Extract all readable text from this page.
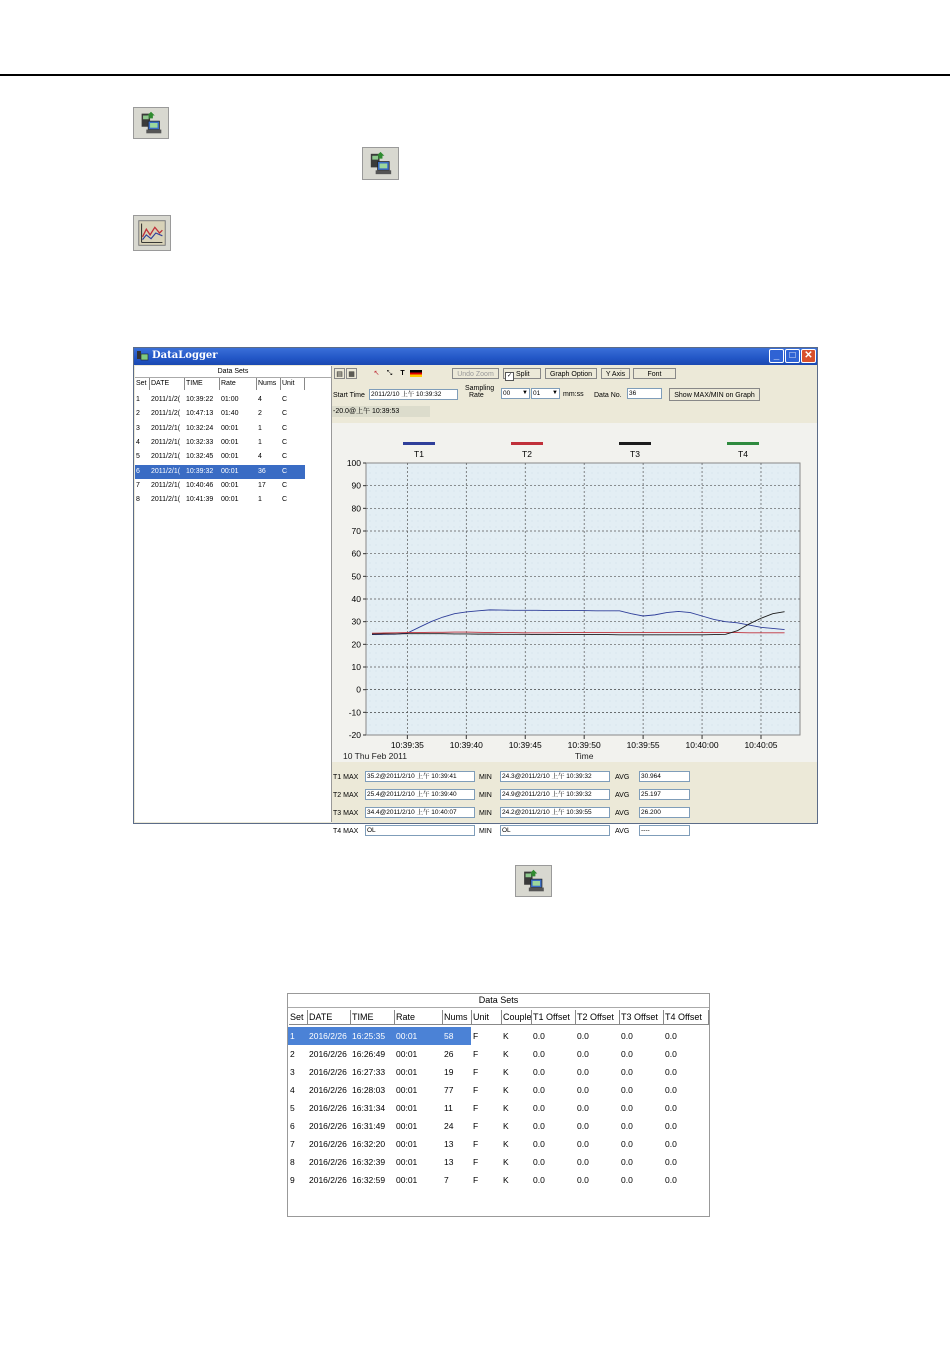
DataLogger	_	□ ✕
Data Sets
Set DATE	TIME	Rate	Nums Unit
1 2011/1/2( 10:39:22 01:00	4	C
2 2011/1/2( 10:47:13 01:40	2	C
3 2011/2/1( 10:32:24 00:01	1	C
4 2011/2/1( 10:32:33 00:01	1	C
5 2011/2/1( 10:32:45 00:01	4	C
6 2011/2/1( 10:39:32 00:01	36 C
7 2011/2/1( 10:40:46 00:01	17 C
8 2011/2/1( 10:41:39 00:01	1	C
▤ ▦	↖	⤡	T	Undo Zoom	✓ Split	Graph Option	Y Axis	Font
Start Time 2011/2/10 上午 10:39:32
Sampling
Rate	00 ▼ 01 ▼ mm:ss Data No.	36	Show MAX/MIN on Graph
-20.0@上午 10:39:53
T1	T2	T3	T4
100
90
80
70
60
50
40
30
20
10
0
-10
-20
10:39:35	10:39:40	10:39:45	10:39:50	10:39:55	10:40:00	10:40:05
10 Thu Feb 2011	Time
T1 MAX	35.2@2011/2/10 上午 10:39:41	MIN	24.3@2011/2/10 上午 10:39:32	AVG	30.964
T2 MAX	25.4@2011/2/10 上午 10:39:40	MIN	24.9@2011/2/10 上午 10:39:32	AVG	25.197
T3 MAX	34.4@2011/2/10 上午 10:40:07	MIN	24.2@2011/2/10 上午 10:39:55	AVG	26.200
T4 MAX	OL	MIN	OL	AVG	----
Data Sets
Set DATE	TIME	Rate	Nums Unit	Couple T1 Offset T2 Offset T3 Offset T4 Offset
1 2016/2/26 16:25:35 00:01	58 F	K	0.0	0.0	0.0	0.0
2 2016/2/26 16:26:49 00:01	26 F	K	0.0	0.0	0.0	0.0
3 2016/2/26 16:27:33 00:01	19 F	K	0.0	0.0	0.0	0.0
4 2016/2/26 16:28:03 00:01	77 F	K	0.0	0.0	0.0	0.0
5 2016/2/26 16:31:34 00:01	11 F	K	0.0	0.0	0.0	0.0
6 2016/2/26 16:31:49 00:01	24 F	K	0.0	0.0	0.0	0.0
7 2016/2/26 16:32:20 00:01	13 F	K	0.0	0.0	0.0	0.0
8 2016/2/26 16:32:39 00:01	13 F	K	0.0	0.0	0.0	0.0
9 2016/2/26 16:32:59 00:01	7	F	K	0.0	0.0	0.0	0.0
